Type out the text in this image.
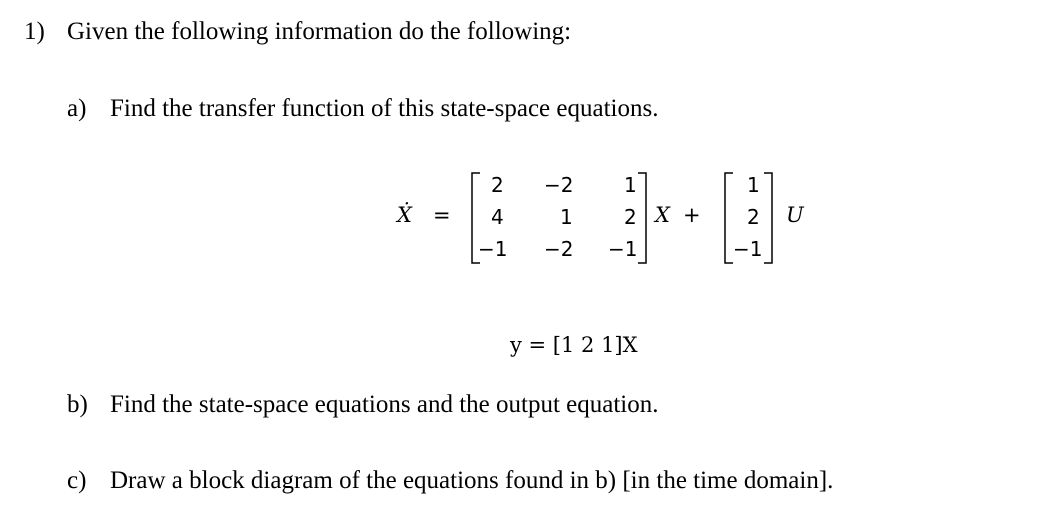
1) Given the following information do the following:
a) Find the transfer function of this state-space equations.
Ẋ =
2 −2	1
4	1	2
−1 −2 −1
X +
1
2
−1
U
y = [1 2 1]X
b) Find the state-space equations and the output equation.
c) Draw a block diagram of the equations found in b) [in the time domain].
